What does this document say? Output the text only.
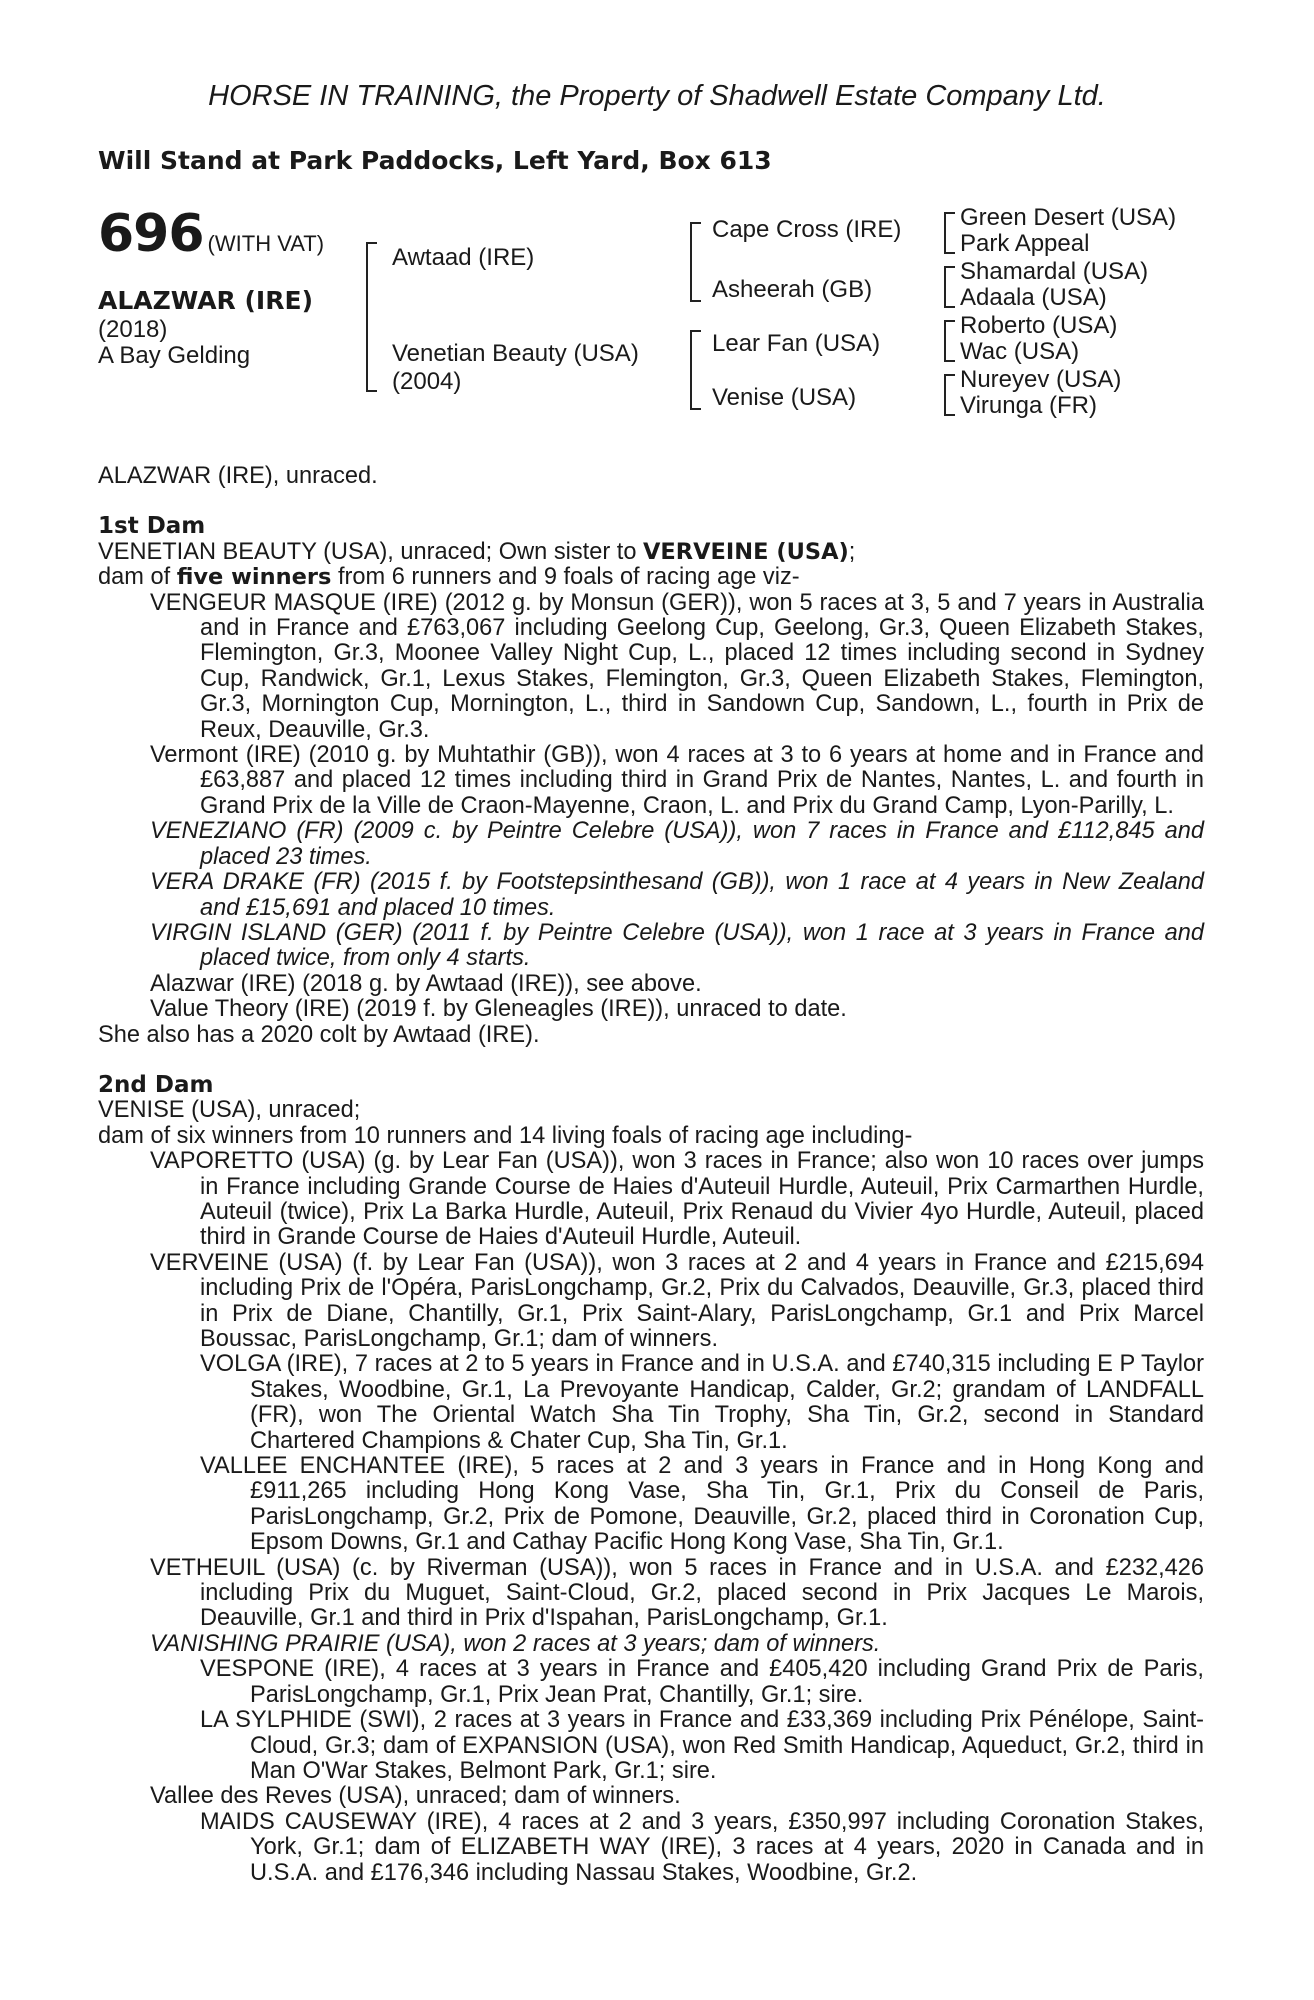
HORSE IN TRAINING, the Property of Shadwell Estate Company Ltd.
Will Stand at Park Paddocks, Left Yard, Box 613
696 (WITH VAT)
ALAZWAR (IRE)
(2018)
A Bay Gelding
Awtaad (IRE)
Venetian Beauty (USA)
(2004)
Cape Cross (IRE)
Asheerah (GB)
Lear Fan (USA)
Venise (USA)
Green Desert (USA)
Park Appeal
Shamardal (USA)
Adaala (USA)
Roberto (USA)
Wac (USA)
Nureyev (USA)
Virunga (FR)

ALAZWAR (IRE), unraced.

1st Dam

VENETIAN BEAUTY (USA), unraced; Own sister to VERVEINE (USA);

dam of five winners from 6 runners and 9 foals of racing age viz-

VENGEUR MASQUE (IRE) (2012 g. by Monsun (GER)), won 5 races at 3, 5 and 7 years in Australia and in France and £763,067 including Geelong Cup, Geelong, Gr.3, Queen Elizabeth Stakes, Flemington, Gr.3, Moonee Valley Night Cup, L., placed 12 times including second in Sydney Cup, Randwick, Gr.1, Lexus Stakes, Flemington, Gr.3, Queen Elizabeth Stakes, Flemington, Gr.3, Mornington Cup, Mornington, L., third in Sandown Cup, Sandown, L., fourth in Prix de Reux, Deauville, Gr.3.

Vermont (IRE) (2010 g. by Muhtathir (GB)), won 4 races at 3 to 6 years at home and in France and £63,887 and placed 12 times including third in Grand Prix de Nantes, Nantes, L. and fourth in Grand Prix de la Ville de Craon-Mayenne, Craon, L. and Prix du Grand Camp, Lyon-Parilly, L.

VENEZIANO (FR) (2009 c. by Peintre Celebre (USA)), won 7 races in France and £112,845 and placed 23 times.

VERA DRAKE (FR) (2015 f. by Footstepsinthesand (GB)), won 1 race at 4 years in New Zealand and £15,691 and placed 10 times.

VIRGIN ISLAND (GER) (2011 f. by Peintre Celebre (USA)), won 1 race at 3 years in France and placed twice, from only 4 starts.

Alazwar (IRE) (2018 g. by Awtaad (IRE)), see above.

Value Theory (IRE) (2019 f. by Gleneagles (IRE)), unraced to date.

She also has a 2020 colt by Awtaad (IRE).

2nd Dam

VENISE (USA), unraced;

dam of six winners from 10 runners and 14 living foals of racing age including-

VAPORETTO (USA) (g. by Lear Fan (USA)), won 3 races in France; also won 10 races over jumps in France including Grande Course de Haies d'Auteuil Hurdle, Auteuil, Prix Carmarthen Hurdle, Auteuil (twice), Prix La Barka Hurdle, Auteuil, Prix Renaud du Vivier 4yo Hurdle, Auteuil, placed third in Grande Course de Haies d'Auteuil Hurdle, Auteuil.

VERVEINE (USA) (f. by Lear Fan (USA)), won 3 races at 2 and 4 years in France and £215,694 including Prix de l'Opéra, ParisLongchamp, Gr.2, Prix du Calvados, Deauville, Gr.3, placed third in Prix de Diane, Chantilly, Gr.1, Prix Saint-Alary, ParisLongchamp, Gr.1 and Prix Marcel Boussac, ParisLongchamp, Gr.1; dam of winners.

VOLGA (IRE), 7 races at 2 to 5 years in France and in U.S.A. and £740,315 including E P Taylor Stakes, Woodbine, Gr.1, La Prevoyante Handicap, Calder, Gr.2; grandam of LANDFALL (FR), won The Oriental Watch Sha Tin Trophy, Sha Tin, Gr.2, second in Standard Chartered Champions & Chater Cup, Sha Tin, Gr.1.

VALLEE ENCHANTEE (IRE), 5 races at 2 and 3 years in France and in Hong Kong and £911,265 including Hong Kong Vase, Sha Tin, Gr.1, Prix du Conseil de Paris, ParisLongchamp, Gr.2, Prix de Pomone, Deauville, Gr.2, placed third in Coronation Cup, Epsom Downs, Gr.1 and Cathay Pacific Hong Kong Vase, Sha Tin, Gr.1.

VETHEUIL (USA) (c. by Riverman (USA)), won 5 races in France and in U.S.A. and £232,426 including Prix du Muguet, Saint-Cloud, Gr.2, placed second in Prix Jacques Le Marois, Deauville, Gr.1 and third in Prix d'Ispahan, ParisLongchamp, Gr.1.

VANISHING PRAIRIE (USA), won 2 races at 3 years; dam of winners.

VESPONE (IRE), 4 races at 3 years in France and £405,420 including Grand Prix de Paris, ParisLongchamp, Gr.1, Prix Jean Prat, Chantilly, Gr.1; sire.

LA SYLPHIDE (SWI), 2 races at 3 years in France and £33,369 including Prix Pénélope, Saint-Cloud, Gr.3; dam of EXPANSION (USA), won Red Smith Handicap, Aqueduct, Gr.2, third in Man O'War Stakes, Belmont Park, Gr.1; sire.

Vallee des Reves (USA), unraced; dam of winners.

MAIDS CAUSEWAY (IRE), 4 races at 2 and 3 years, £350,997 including Coronation Stakes, York, Gr.1; dam of ELIZABETH WAY (IRE), 3 races at 4 years, 2020 in Canada and in U.S.A. and £176,346 including Nassau Stakes, Woodbine, Gr.2.
